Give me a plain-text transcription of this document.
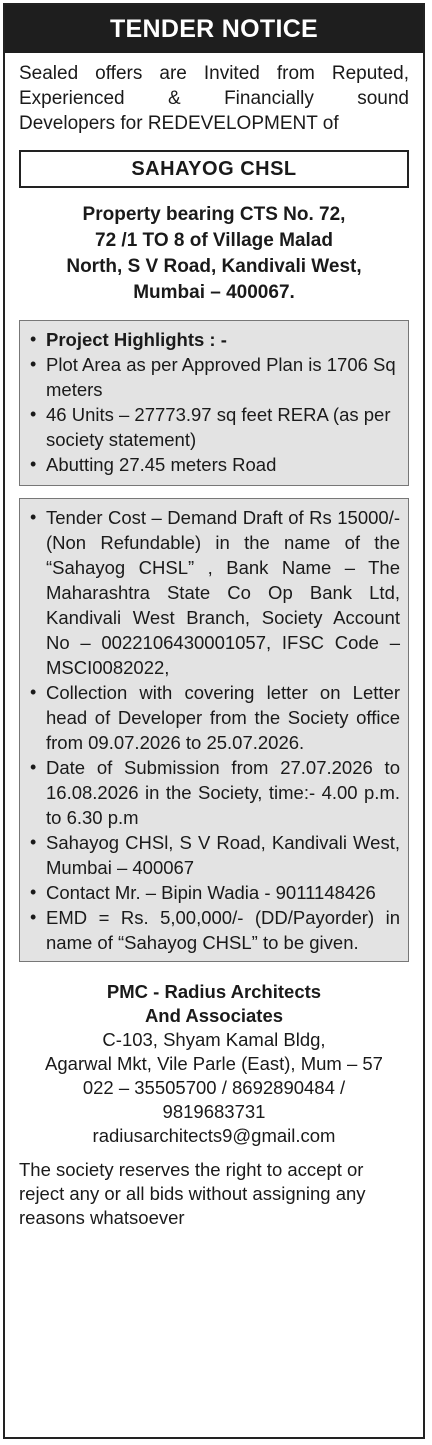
TENDER NOTICE
Sealed offers are Invited from Reputed,
Experienced & Financially sound
Developers for REDEVELOPMENT of
SAHAYOG CHSL
Property bearing CTS No. 72,
72 /1 TO 8 of Village Malad
North, S V Road, Kandivali West,
Mumbai – 400067.
• Project Highlights : -
• Plot Area as per Approved Plan is 1706 Sq meters
• 46 Units – 27773.97 sq feet RERA (as per society statement)
• Abutting 27.45 meters Road
• Tender Cost – Demand Draft of Rs 15000/- (Non Refundable) in the name of the “Sahayog CHSL” , Bank Name – The Maharashtra State Co Op Bank Ltd, Kandivali West Branch, Society Account No – 0022106430001057, IFSC Code – MSCI0082022,
• Collection with covering letter on Letter head of Developer from the Society office from 09.07.2026 to 25.07.2026.
• Date of Submission from 27.07.2026 to 16.08.2026 in the Society, time:- 4.00 p.m. to 6.30 p.m
• Sahayog CHSl, S V Road, Kandivali West, Mumbai – 400067
• Contact Mr. – Bipin Wadia - 9011148426
• EMD = Rs. 5,00,000/- (DD/Payorder) in name of “Sahayog CHSL” to be given.
PMC - Radius Architects
And Associates
C-103, Shyam Kamal Bldg,
Agarwal Mkt, Vile Parle (East), Mum – 57
022 – 35505700 / 8692890484 /
9819683731
radiusarchitects9@gmail.com
The society reserves the right to accept or reject any or all bids without assigning any reasons whatsoever
